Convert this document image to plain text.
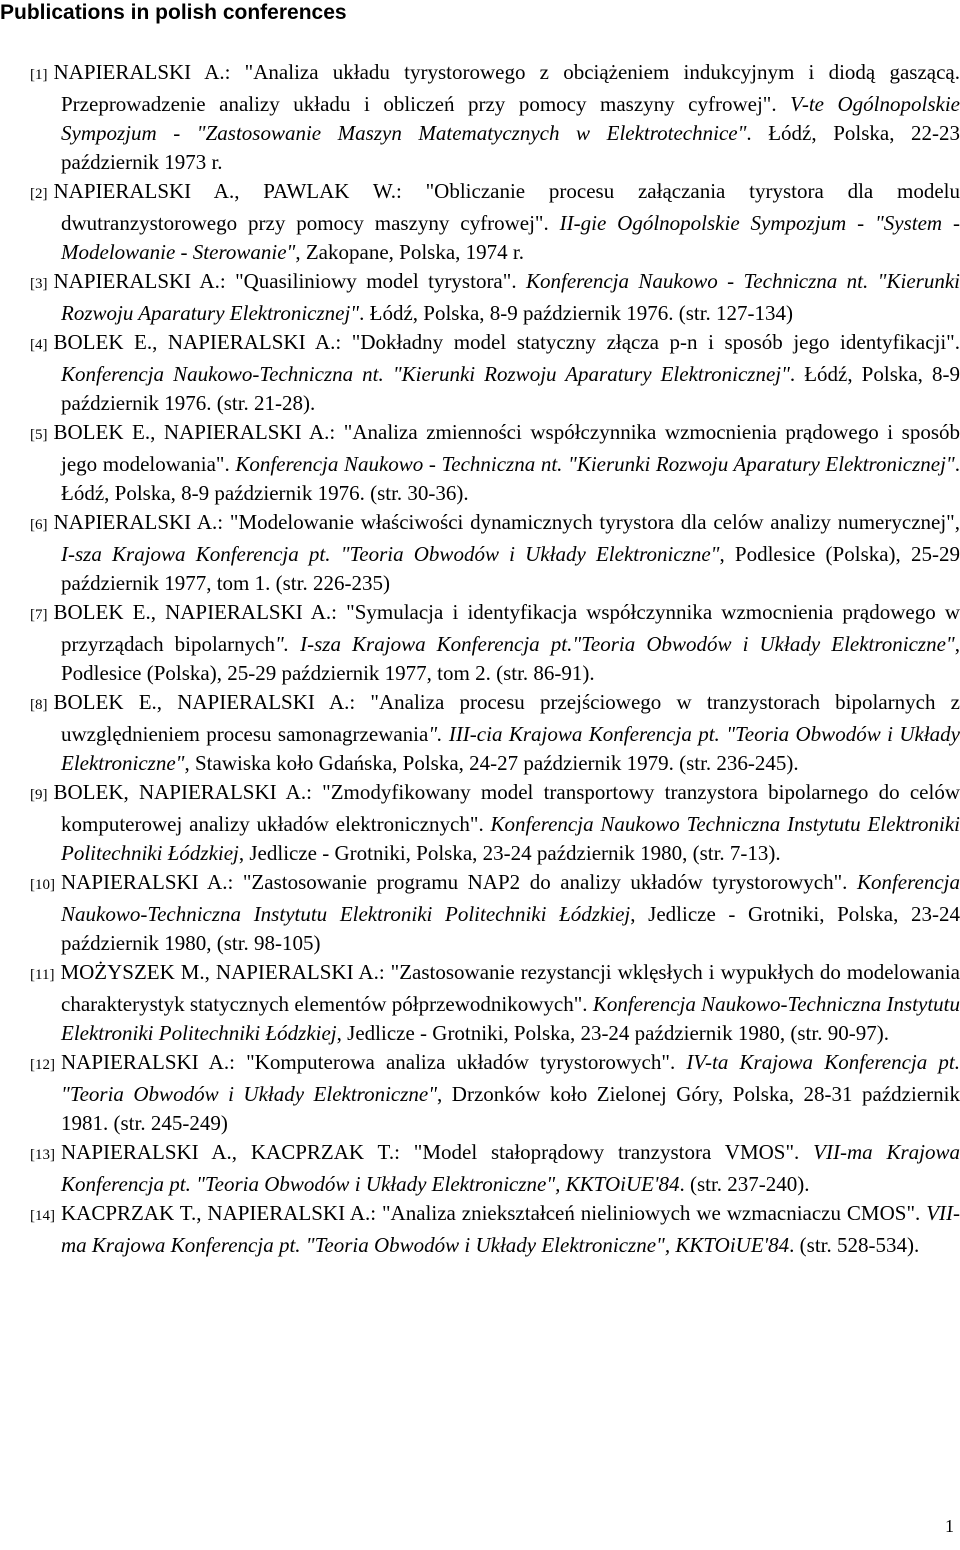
Publications in polish conferences

[1] NAPIERALSKI A.: "Analiza układu tyrystorowego z obciążeniem indukcyjnym i diodą gaszącą. Przeprowadzenie analizy układu i obliczeń przy pomocy maszyny cyfrowej". V-te Ogólnopolskie Sympozjum - "Zastosowanie Maszyn Matematycznych w Elektrotechnice". Łódź, Polska, 22-23 październik 1973 r.

[2] NAPIERALSKI A., PAWLAK W.: "Obliczanie procesu załączania tyrystora dla modelu dwutranzystorowego przy pomocy maszyny cyfrowej". II-gie Ogólnopolskie Sympozjum - "System - Modelowanie - Sterowanie", Zakopane, Polska, 1974 r.

[3] NAPIERALSKI A.: "Quasiliniowy model tyrystora". Konferencja Naukowo - Techniczna nt. "Kierunki Rozwoju Aparatury Elektronicznej". Łódź, Polska, 8-9 październik 1976. (str. 127-134)

[4] BOLEK E., NAPIERALSKI A.: "Dokładny model statyczny złącza p-n i sposób jego identyfikacji". Konferencja Naukowo-Techniczna nt. "Kierunki Rozwoju Aparatury Elektronicznej". Łódź, Polska, 8-9 październik 1976. (str. 21-28).

[5] BOLEK E., NAPIERALSKI A.: "Analiza zmienności współczynnika wzmocnienia prądowego i sposób jego modelowania". Konferencja Naukowo - Techniczna nt. "Kierunki Rozwoju Aparatury Elektronicznej". Łódź, Polska, 8-9 październik 1976. (str. 30-36).

[6] NAPIERALSKI A.: "Modelowanie właściwości dynamicznych tyrystora dla celów analizy numerycznej", I-sza Krajowa Konferencja pt. "Teoria Obwodów i Układy Elektroniczne", Podlesice (Polska), 25-29 październik 1977, tom 1. (str. 226-235)

[7] BOLEK E., NAPIERALSKI A.: "Symulacja i identyfikacja współczynnika wzmocnienia prądowego w przyrządach bipolarnych". I-sza Krajowa Konferencja pt."Teoria Obwodów i Układy Elektroniczne", Podlesice (Polska), 25-29 październik 1977, tom 2. (str. 86-91).

[8] BOLEK E., NAPIERALSKI A.: "Analiza procesu przejściowego w tranzystorach bipolarnych z uwzględnieniem procesu samonagrzewania". III-cia Krajowa Konferencja pt. "Teoria Obwodów i Układy Elektroniczne", Stawiska koło Gdańska, Polska, 24-27 październik 1979. (str. 236-245).

[9] BOLEK, NAPIERALSKI A.: "Zmodyfikowany model transportowy tranzystora bipolarnego do celów komputerowej analizy układów elektronicznych". Konferencja Naukowo Techniczna Instytutu Elektroniki Politechniki Łódzkiej, Jedlicze - Grotniki, Polska, 23-24 październik 1980, (str. 7-13).

[10] NAPIERALSKI A.: "Zastosowanie programu NAP2 do analizy układów tyrystorowych". Konferencja Naukowo-Techniczna Instytutu Elektroniki Politechniki Łódzkiej, Jedlicze - Grotniki, Polska, 23-24 październik 1980, (str. 98-105)

[11] MOŻYSZEK M., NAPIERALSKI A.: "Zastosowanie rezystancji wklęsłych i wypukłych do modelowania charakterystyk statycznych elementów półprzewodnikowych". Konferencja Naukowo-Techniczna Instytutu Elektroniki Politechniki Łódzkiej, Jedlicze - Grotniki, Polska, 23-24 październik 1980, (str. 90-97).

[12] NAPIERALSKI A.: "Komputerowa analiza układów tyrystorowych". IV-ta Krajowa Konferencja pt. "Teoria Obwodów i Układy Elektroniczne", Drzonków koło Zielonej Góry, Polska, 28-31 październik 1981. (str. 245-249)

[13] NAPIERALSKI A., KACPRZAK T.: "Model stałoprądowy tranzystora VMOS". VII-ma Krajowa Konferencja pt. "Teoria Obwodów i Układy Elektroniczne", KKTOiUE'84. (str. 237-240).

[14] KACPRZAK T., NAPIERALSKI A.: "Analiza zniekształceń nieliniowych we wzmacniaczu CMOS". VII-ma Krajowa Konferencja pt. "Teoria Obwodów i Układy Elektroniczne", KKTOiUE'84. (str. 528-534).

1
